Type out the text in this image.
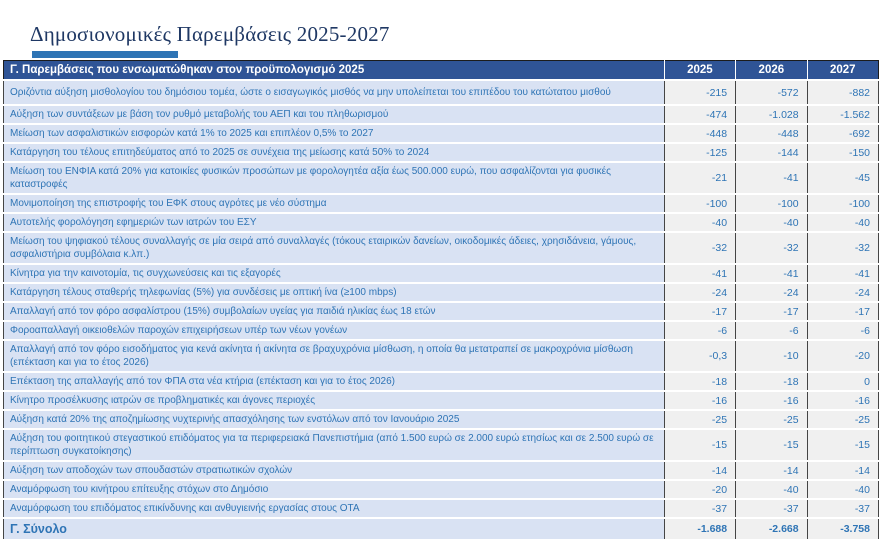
Δημοσιονομικές Παρεμβάσεις 2025-2027
Γ. Παρεμβάσεις που ενσωματώθηκαν στον προϋπολογισμό 2025	2025	2026	2027
Οριζόντια αύξηση μισθολογίου του δημόσιου τομέα, ώστε ο εισαγωγικός μισθός να μην υπολείπεται του επιπέδου του κατώτατου μισθού	-215	-572	-882
Αύξηση των συντάξεων με βάση τον ρυθμό μεταβολής του ΑΕΠ και του πληθωρισμού	-474	-1.028	-1.562
Μείωση των ασφαλιστικών εισφορών κατά 1% το 2025 και επιπλέον 0,5% το 2027	-448	-448	-692
Κατάργηση του τέλους επιτηδεύματος από το 2025 σε συνέχεια της μείωσης κατά 50% το 2024	-125	-144	-150
Μείωση του ΕΝΦΙΑ κατά 20% για κατοικίες φυσικών προσώπων με φορολογητέα αξία έως 500.000 ευρώ, που ασφαλίζονται για φυσικές καταστροφές	-21	-41	-45
Μονιμοποίηση της επιστροφής του ΕΦΚ στους αγρότες με νέο σύστημα	-100	-100	-100
Αυτοτελής φορολόγηση εφημεριών των ιατρών του ΕΣΥ	-40	-40	-40
Μείωση του ψηφιακού τέλους συναλλαγής σε μία σειρά από συναλλαγές (τόκους εταιρικών δανείων, οικοδομικές άδειες, χρησιδάνεια, γάμους, ασφαλιστήρια συμβόλαια κ.λπ.)	-32	-32	-32
Κίνητρα για την καινοτομία, τις συγχωνεύσεις και τις εξαγορές	-41	-41	-41
Κατάργηση τέλους σταθερής τηλεφωνίας (5%) για συνδέσεις με οπτική ίνα (≥100 mbps)	-24	-24	-24
Απαλλαγή από τον φόρο ασφαλίστρου (15%) συμβολαίων υγείας για παιδιά ηλικίας έως 18 ετών	-17	-17	-17
Φοροαπαλλαγή οικειοθελών παροχών επιχειρήσεων υπέρ των νέων γονέων	-6	-6	-6
Απαλλαγή από τον φόρο εισοδήματος για κενά ακίνητα ή ακίνητα σε βραχυχρόνια μίσθωση, η οποία θα μετατραπεί σε μακροχρόνια μίσθωση (επέκταση και για το έτος 2026)	-0,3	-10	-20
Επέκταση της απαλλαγής από τον ΦΠΑ στα νέα κτήρια (επέκταση και για το έτος 2026)	-18	-18	0
Κίνητρο προσέλκυσης ιατρών σε προβληματικές και άγονες περιοχές	-16	-16	-16
Αύξηση κατά 20% της αποζημίωσης νυχτερινής απασχόλησης των ενστόλων από τον Ιανουάριο 2025	-25	-25	-25
Αύξηση του φοιτητικού στεγαστικού επιδόματος για τα περιφερειακά Πανεπιστήμια (από 1.500 ευρώ σε 2.000 ευρώ ετησίως και σε 2.500 ευρώ σε περίπτωση συγκατοίκησης)	-15	-15	-15
Αύξηση των αποδοχών των σπουδαστών στρατιωτικών σχολών	-14	-14	-14
Αναμόρφωση του κινήτρου επίτευξης στόχων στο Δημόσιο	-20	-40	-40
Αναμόρφωση του επιδόματος επικίνδυνης και ανθυγιεινής εργασίας στους ΟΤΑ	-37	-37	-37
Γ. Σύνολο	-1.688	-2.668	-3.758
